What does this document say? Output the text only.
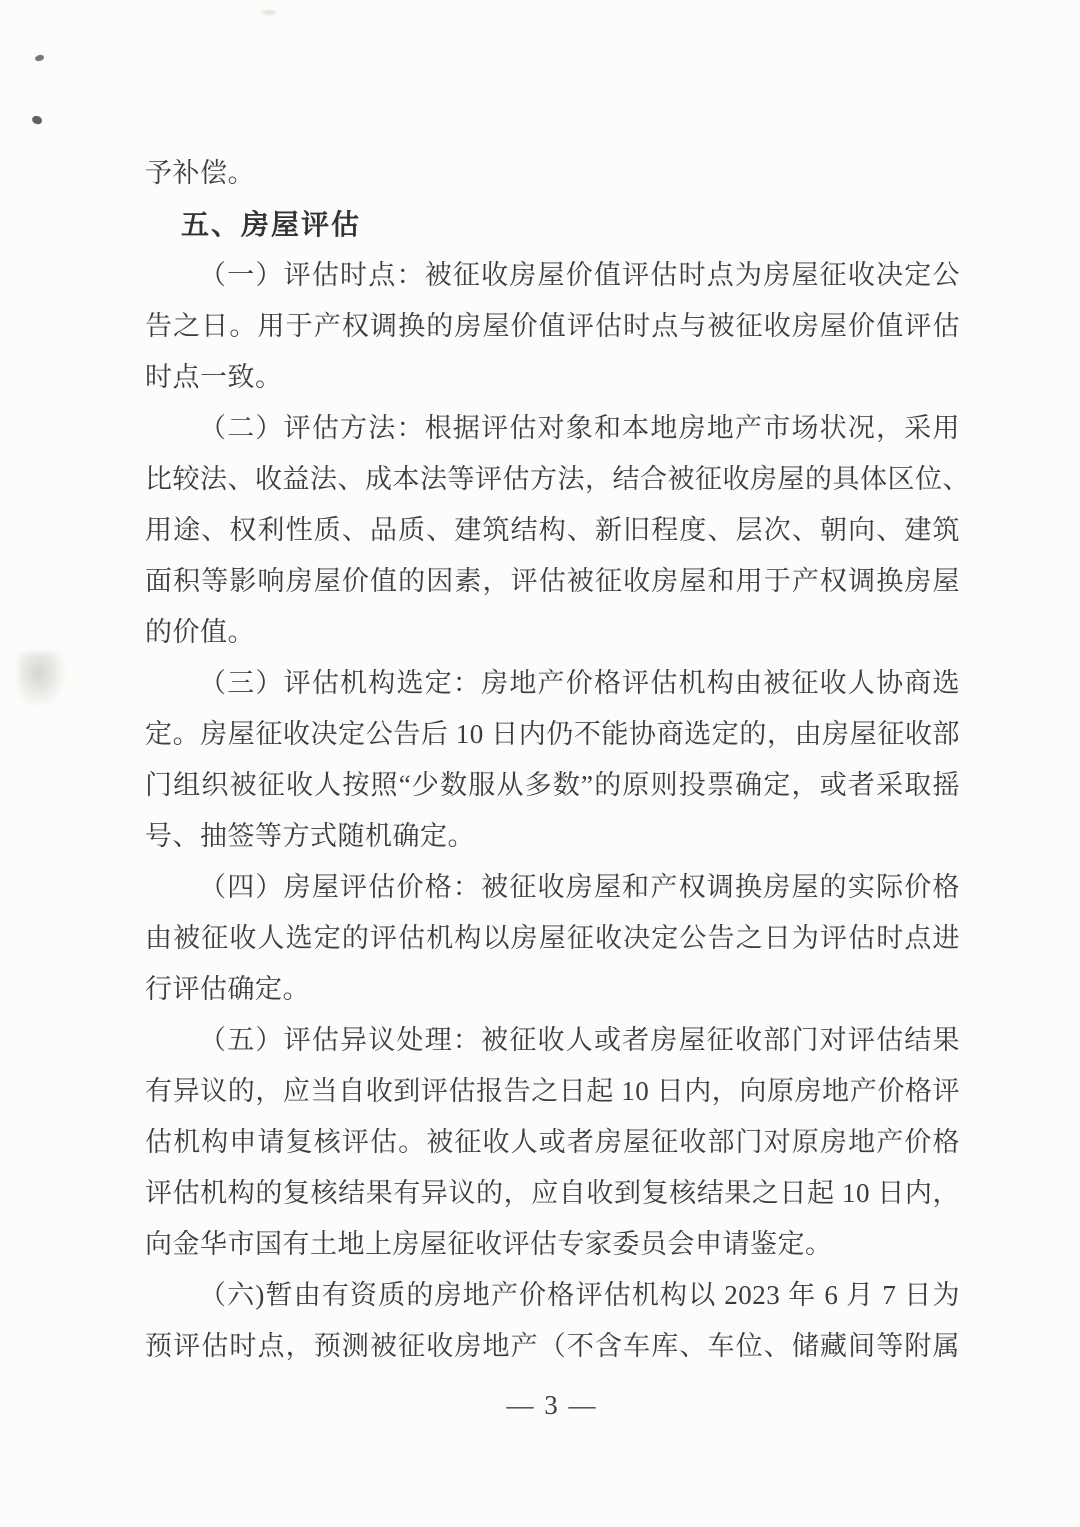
予补偿。
五、房屋评估
（一）评估时点：被征收房屋价值评估时点为房屋征收决定公
告之日。用于产权调换的房屋价值评估时点与被征收房屋价值评估
时点一致。
（二）评估方法：根据评估对象和本地房地产市场状况，采用
比较法、收益法、成本法等评估方法，结合被征收房屋的具体区位、
用途、权利性质、品质、建筑结构、新旧程度、层次、朝向、建筑
面积等影响房屋价值的因素，评估被征收房屋和用于产权调换房屋
的价值。
（三）评估机构选定：房地产价格评估机构由被征收人协商选
定。房屋征收决定公告后 10 日内仍不能协商选定的，由房屋征收部
门组织被征收人按照“少数服从多数”的原则投票确定，或者采取摇
号、抽签等方式随机确定。
（四）房屋评估价格：被征收房屋和产权调换房屋的实际价格
由被征收人选定的评估机构以房屋征收决定公告之日为评估时点进
行评估确定。
（五）评估异议处理：被征收人或者房屋征收部门对评估结果
有异议的，应当自收到评估报告之日起 10 日内，向原房地产价格评
估机构申请复核评估。被征收人或者房屋征收部门对原房地产价格
评估机构的复核结果有异议的，应自收到复核结果之日起 10 日内，
向金华市国有土地上房屋征收评估专家委员会申请鉴定。
（六)暂由有资质的房地产价格评估机构以 2023 年 6 月 7 日为
预评估时点，预测被征收房地产（不含车库、车位、储藏间等附属
— 3 —
